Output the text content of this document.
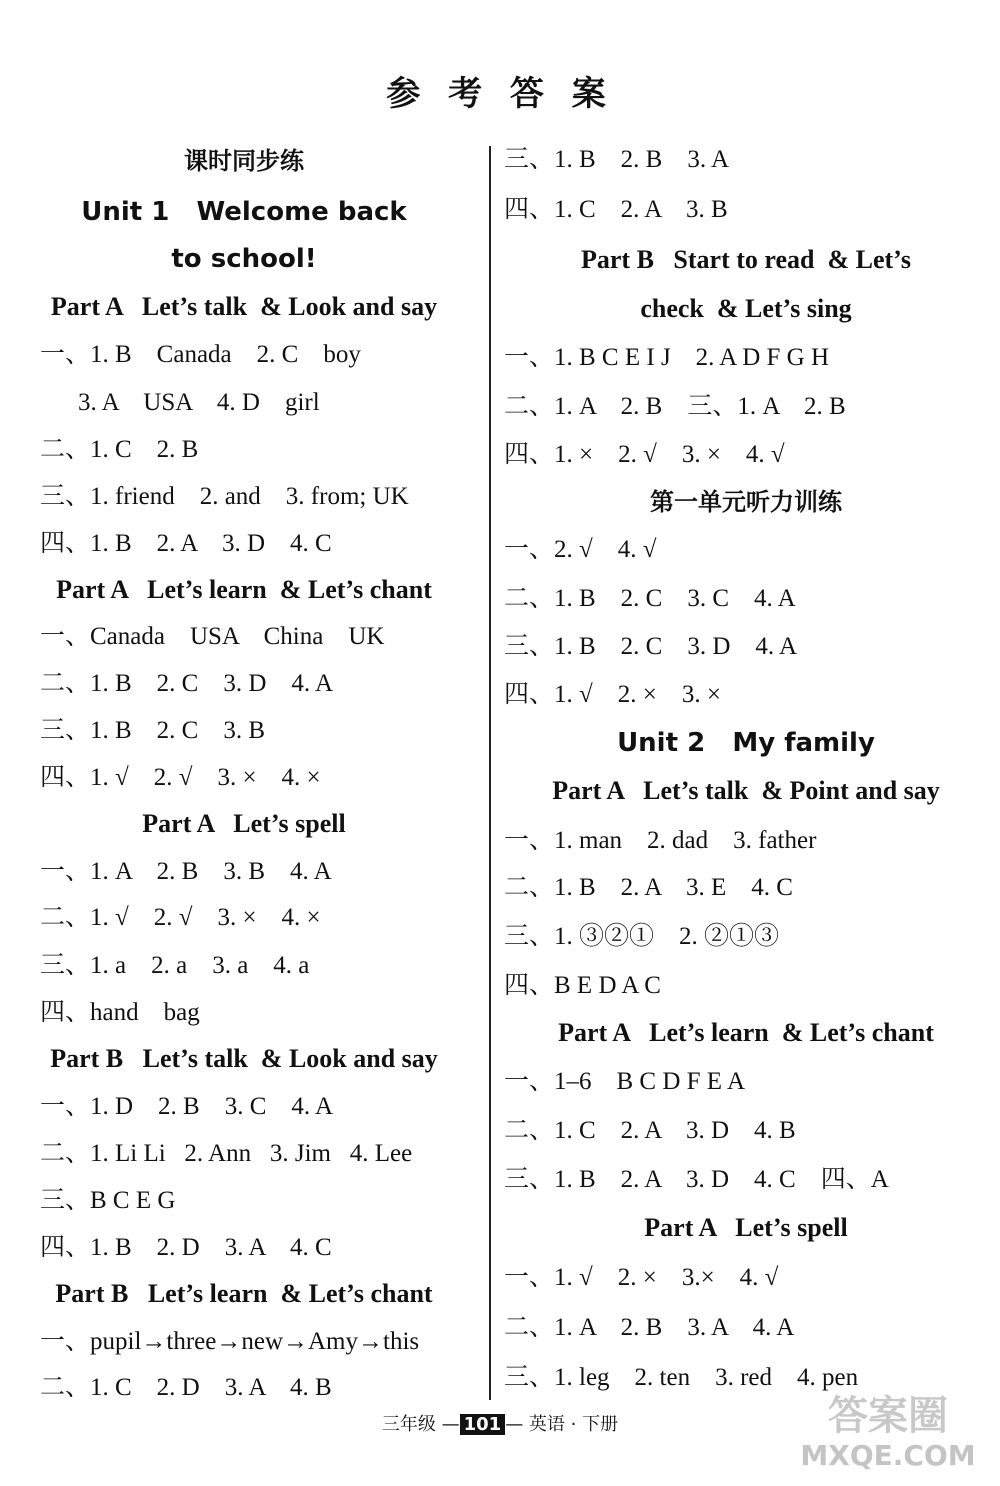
参 考 答 案
课时同步练
Unit 1   Welcome back
to school!
Part A   Let’s talk  & Look and say
一、1. B    Canada    2. C    boy
3. A    USA    4. D    girl
二、1. C    2. B
三、1. friend    2. and    3. from; UK
四、1. B    2. A    3. D    4. C
Part A   Let’s learn  & Let’s chant
一、Canada    USA    China    UK
二、1. B    2. C    3. D    4. A
三、1. B    2. C    3. B
四、1. √    2. √    3. ×    4. ×
Part A   Let’s spell
一、1. A    2. B    3. B    4. A
二、1. √    2. √    3. ×    4. ×
三、1. a    2. a    3. a    4. a
四、hand    bag
Part B   Let’s talk  & Look and say
一、1. D    2. B    3. C    4. A
二、1. Li Li   2. Ann   3. Jim   4. Lee
三、B C E G
四、1. B    2. D    3. A    4. C
Part B   Let’s learn  & Let’s chant
一、pupil→three→new→Amy→this
二、1. C    2. D    3. A    4. B
三、1. B    2. B    3. A
四、1. C    2. A    3. B
Part B   Start to read  & Let’s
check  & Let’s sing
一、1. B C E I J    2. A D F G H
二、1. A    2. B    三、1. A    2. B
四、1. ×    2. √    3. ×    4. √
第一单元听力训练
一、2. √    4. √
二、1. B    2. C    3. C    4. A
三、1. B    2. C    3. D    4. A
四、1. √    2. ×    3. ×
Unit 2   My family
Part A   Let’s talk  & Point and say
一、1. man    2. dad    3. father
二、1. B    2. A    3. E    4. C
三、1. ③②①    2. ②①③
四、B E D A C
Part A   Let’s learn  & Let’s chant
一、1–6    B C D F E A
二、1. C    2. A    3. D    4. B
三、1. B    2. A    3. D    4. C    四、A
Part A   Let’s spell
一、1. √    2. ×    3.×    4. √
二、1. A    2. B    3. A    4. A
三、1. leg    2. ten    3. red    4. pen
三年级 — 101 — 英语 · 下册	答案圈
MXQE.COM
